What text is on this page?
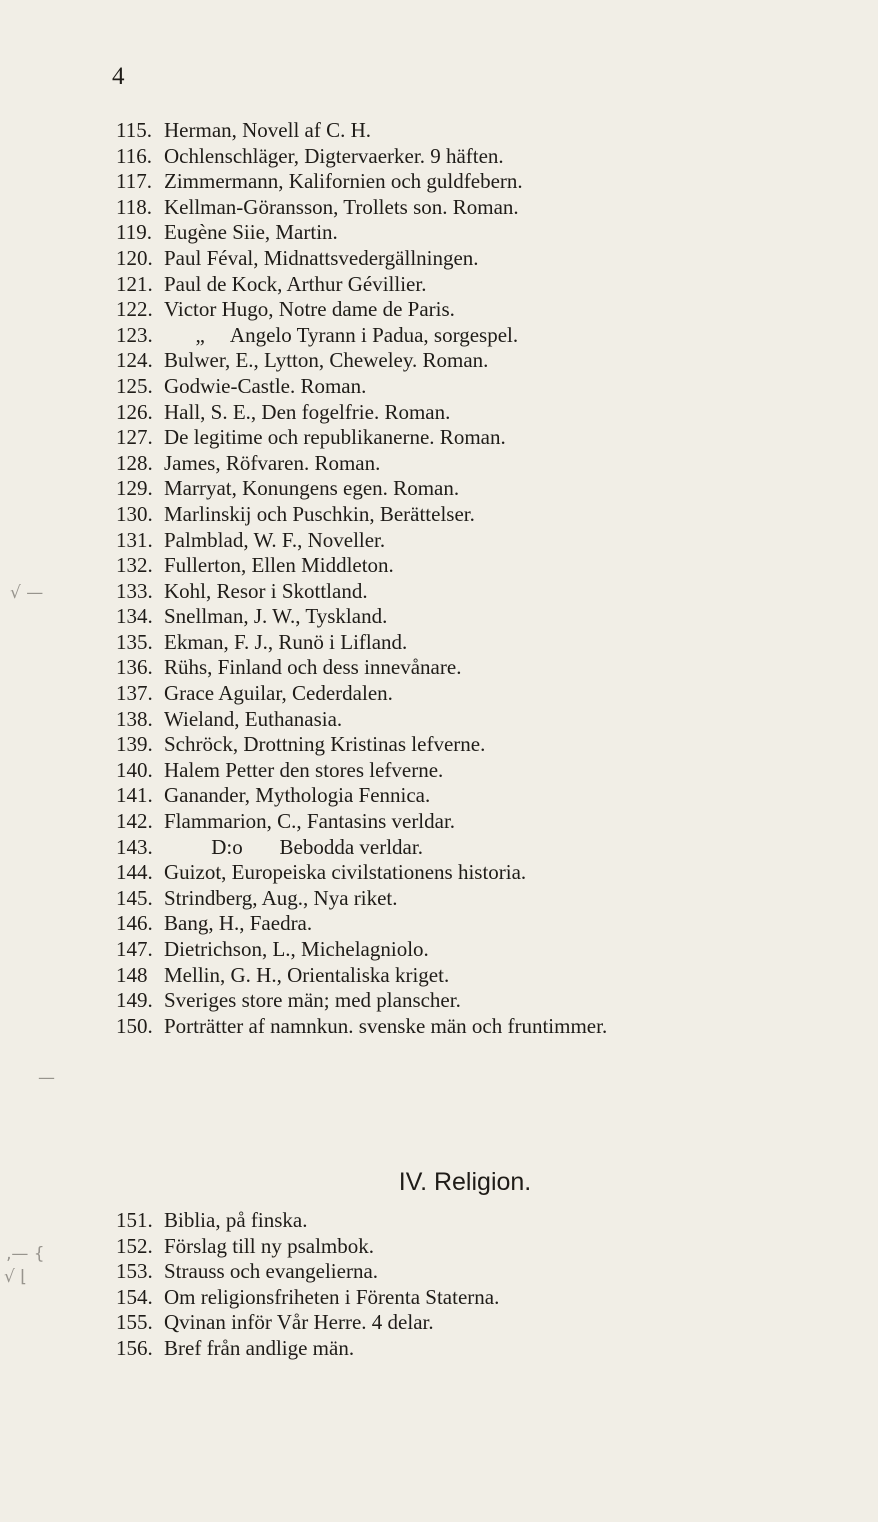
4
115. Herman, Novell af C. H.
116. Ochlenschläger, Digtervaerker. 9 häften.
117. Zimmermann, Kalifornien och guldfebern.
118. Kellman-Göransson, Trollets son. Roman.
119. Eugène Siie, Martin.
120. Paul Féval, Midnattsvedergällningen.
121. Paul de Kock, Arthur Gévillier.
122. Victor Hugo, Notre dame de Paris.
123. „     Angelo Tyrann i Padua, sorgespel.
124. Bulwer, E., Lytton, Cheweley. Roman.
125. Godwie-Castle. Roman.
126. Hall, S. E., Den fogelfrie. Roman.
127. De legitime och republikanerne. Roman.
128. James, Röfvaren. Roman.
129. Marryat, Konungens egen. Roman.
130. Marlinskij och Puschkin, Berättelser.
131. Palmblad, W. F., Noveller.
132. Fullerton, Ellen Middleton.
133. Kohl, Resor i Skottland.
134. Snellman, J. W., Tyskland.
135. Ekman, F. J., Runö i Lifland.
136. Rühs, Finland och dess innevånare.
137. Grace Aguilar, Cederdalen.
138. Wieland, Euthanasia.
139. Schröck, Drottning Kristinas lefverne.
140. Halem Petter den stores lefverne.
141. Ganander, Mythologia Fennica.
142. Flammarion, C., Fantasins verldar.
143. D:o       Bebodda verldar.
144. Guizot, Europeiska civilstationens historia.
145. Strindberg, Aug., Nya riket.
146. Bang, H., Faedra.
147. Dietrichson, L., Michelagniolo.
148 Mellin, G. H., Orientaliska kriget.
149. Sveriges store män; med planscher.
150. Porträtter af namnkun. svenske män och fruntimmer.
IV. Religion.
151. Biblia, på finska.
152. Förslag till ny psalmbok.
153. Strauss och evangelierna.
154. Om religionsfriheten i Förenta Staterna.
155. Qvinan inför Vår Herre. 4 delar.
156. Bref från andlige män.
√ —
—
‚— {
√ ⌊
